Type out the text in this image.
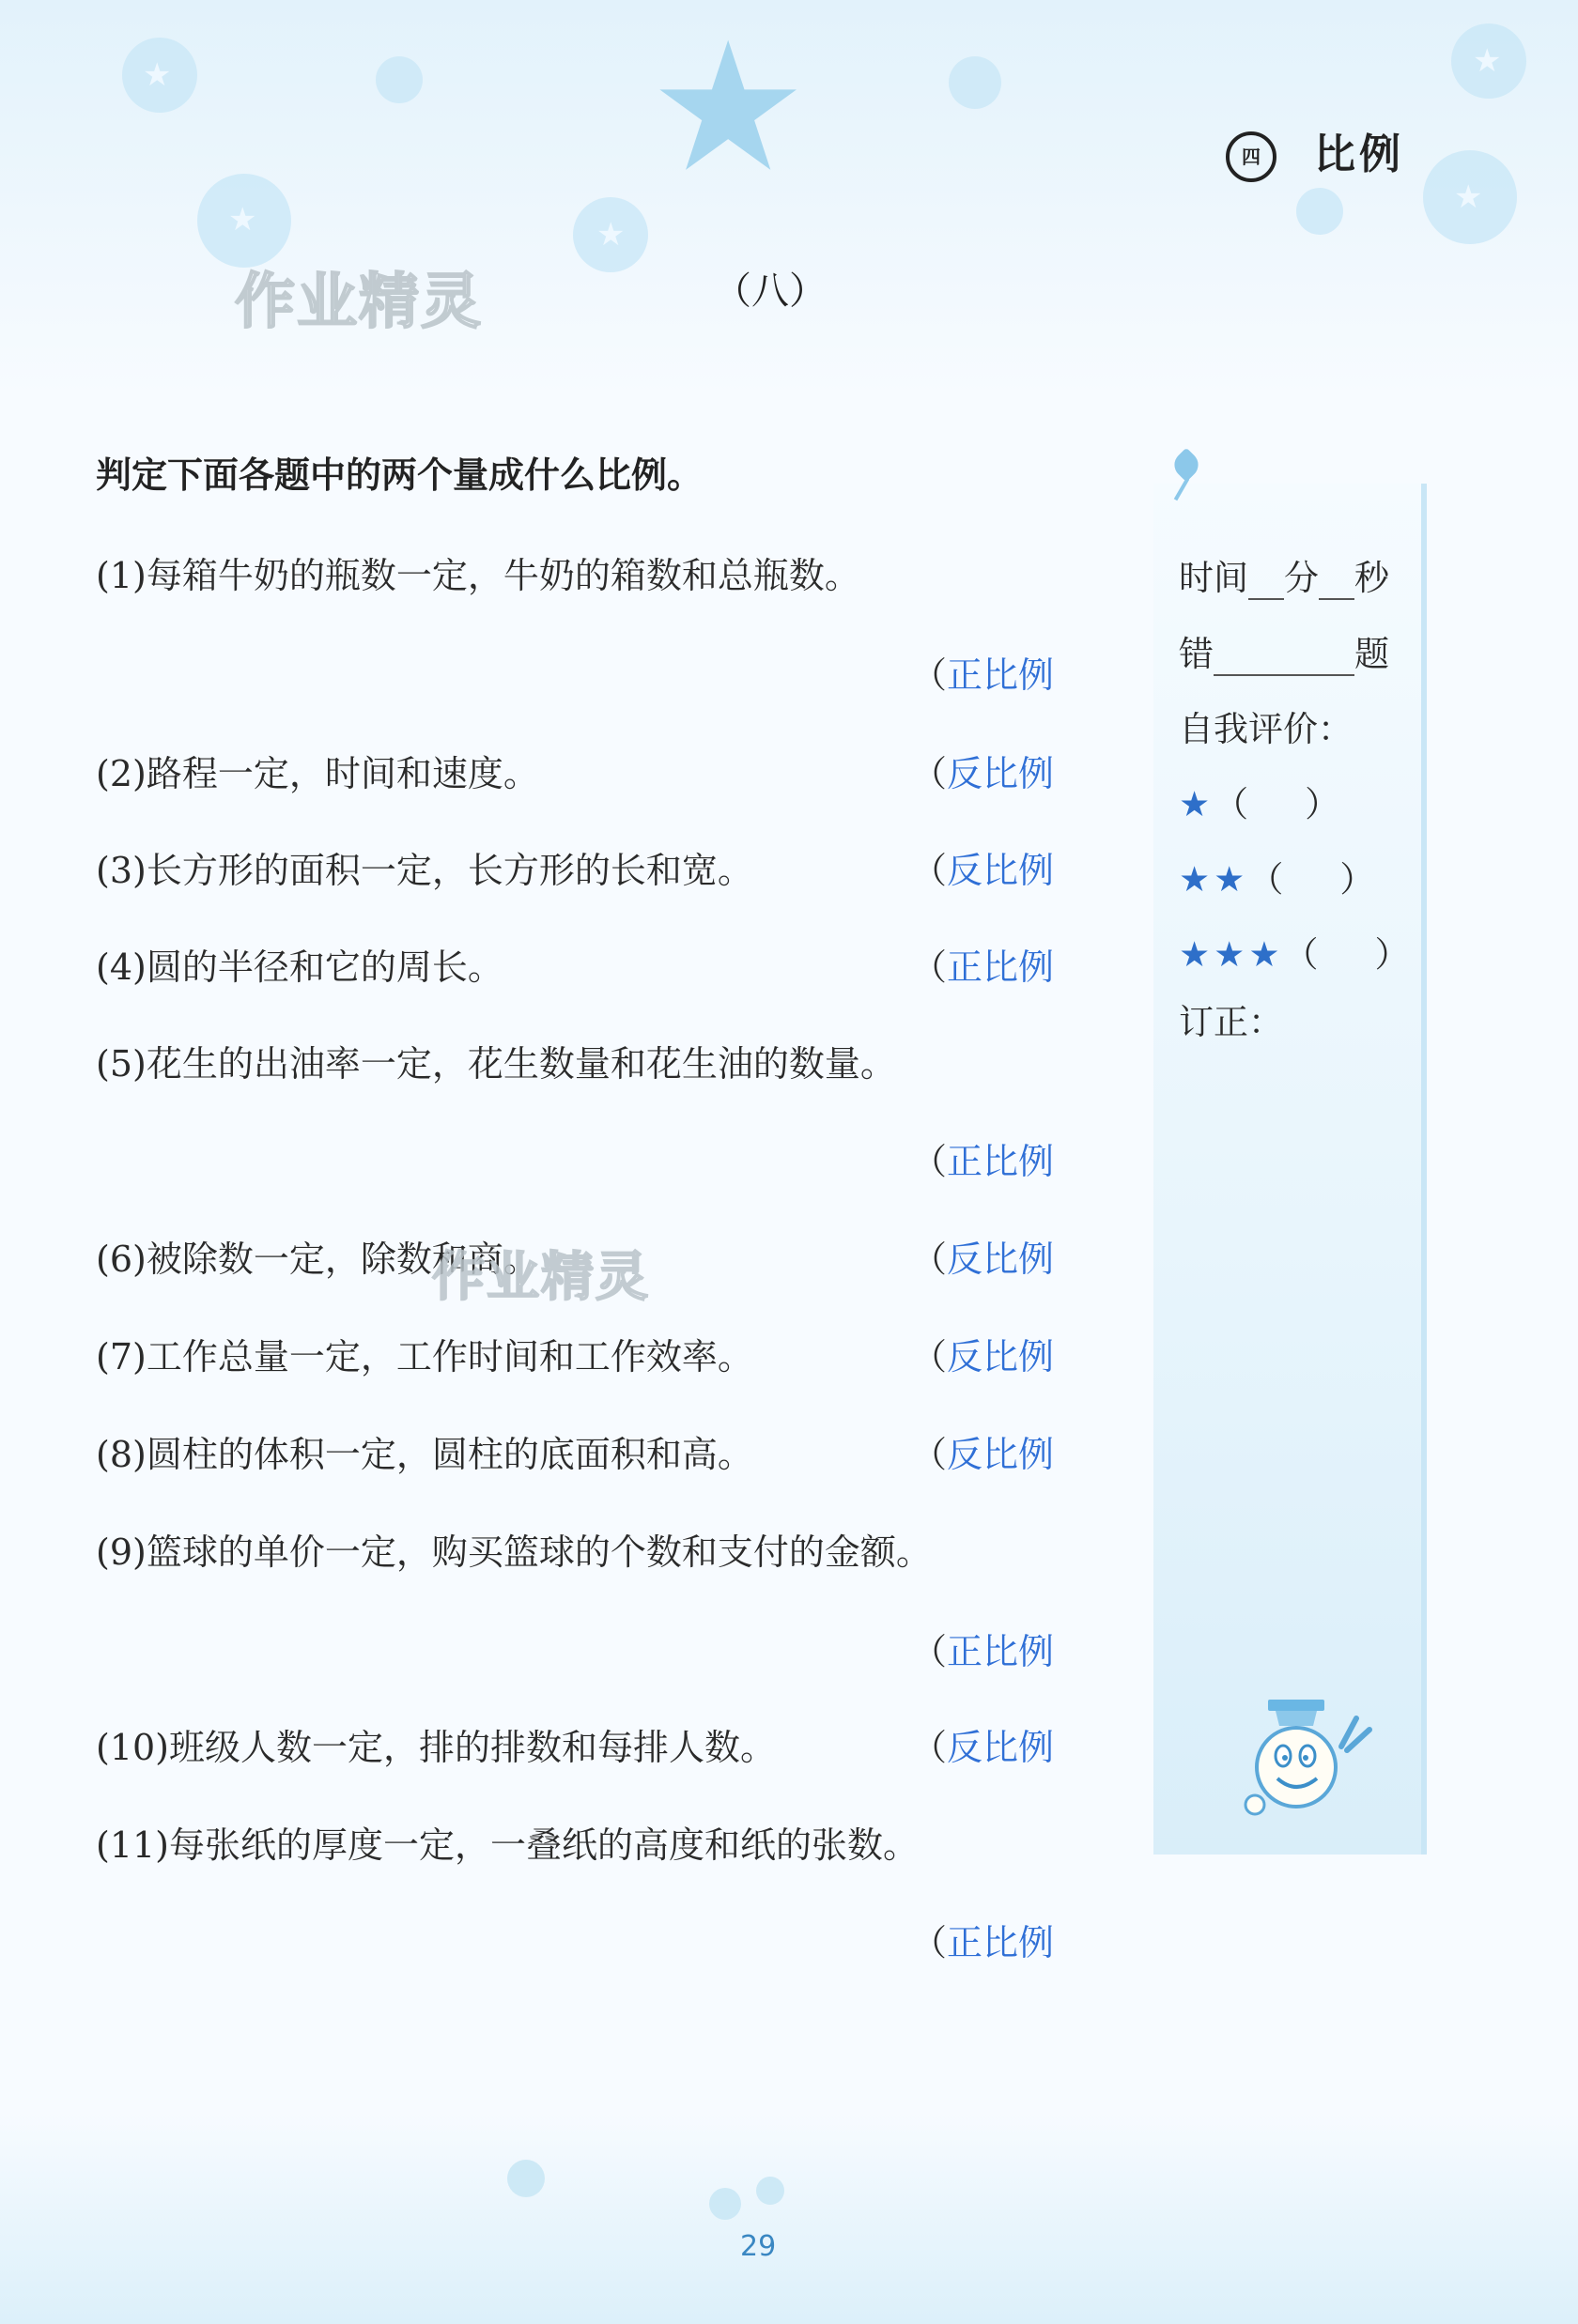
★
★	★
★
★
★	四 比例
作业精灵	（八）
判定下面各题中的两个量成什么比例。
(1)每箱牛奶的瓶数一定，牛奶的箱数和总瓶数。
（正比例
(2)路程一定，时间和速度。	（反比例
(3)长方形的面积一定，长方形的长和宽。	（反比例
(4)圆的半径和它的周长。	（正比例
(5)花生的出油率一定，花生数量和花生油的数量。
（正比例
(6)被除数一定，除数和商。	（反比例
作业精灵
(7)工作总量一定，工作时间和工作效率。	（反比例
(8)圆柱的体积一定，圆柱的底面积和高。	（反比例
(9)篮球的单价一定，购买篮球的个数和支付的金额。
（正比例
(10)班级人数一定，排的排数和每排人数。	（反比例
(11)每张纸的厚度一定，一叠纸的高度和纸的张数。
（正比例
时间 分 秒
错	题
自我评价：
★（ ）
★★（ ）
★★★（ ）
订正：
29
